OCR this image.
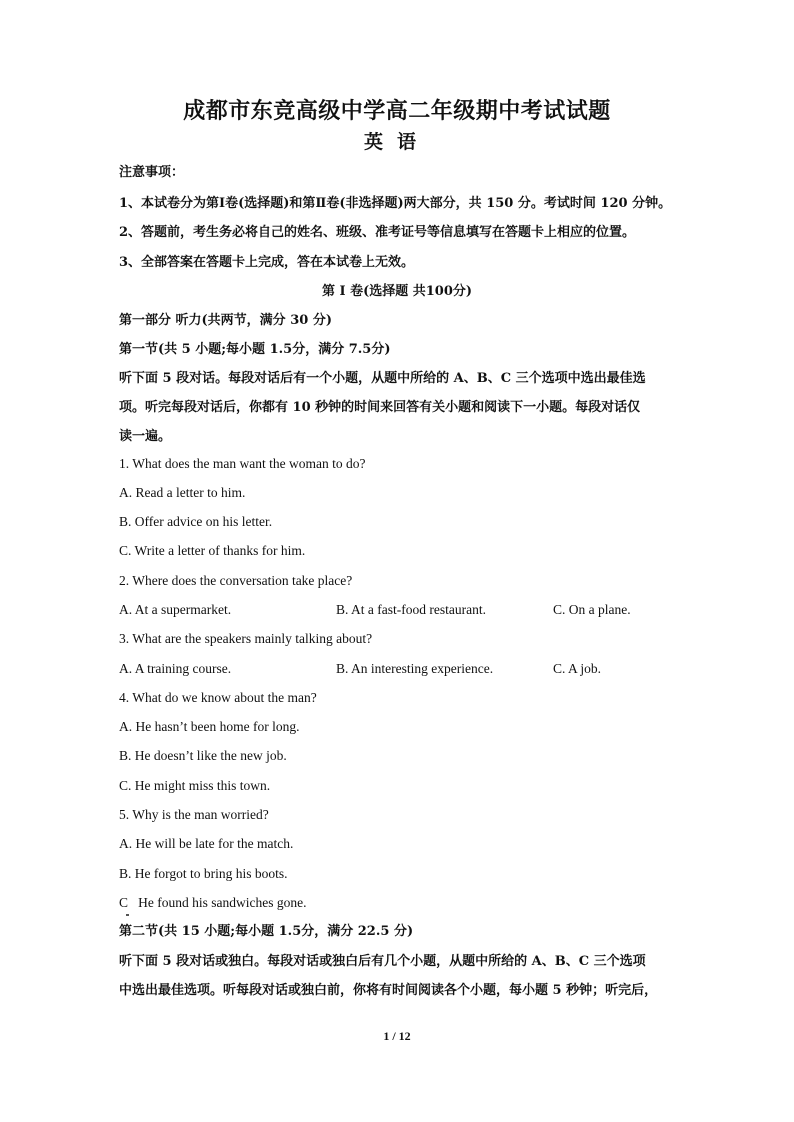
成都市东竞高级中学高二年级期中考试试题
英语
注意事项：
1、本试卷分为第Ⅰ卷(选择题)和第Ⅱ卷(非选择题)两大部分，共 150 分。考试时间 120 分钟。
2、答题前，考生务必将自己的姓名、班级、准考证号等信息填写在答题卡上相应的位置。
3、全部答案在答题卡上完成，答在本试卷上无效。
第 Ⅰ 卷(选择题 共100分)
第一部分 听力(共两节，满分 30 分)
第一节(共 5 小题;每小题 1.5分，满分 7.5分)
听下面 5 段对话。每段对话后有一个小题，从题中所给的 A、B、C 三个选项中选出最佳选
项。听完每段对话后，你都有 10 秒钟的时间来回答有关小题和阅读下一小题。每段对话仅
读一遍。
1. What does the man want the woman to do?
A. Read a letter to him.
B. Offer advice on his letter.
C. Write a letter of thanks for him.
2. Where does the conversation take place?
A. At a supermarket.	B. At a fast-food restaurant.	C. On a plane.
3. What are the speakers mainly talking about?
A. A training course.	B. An interesting experience.	C. A job.
4. What do we know about the man?
A. He hasn’t been home for long.
B. He doesn’t like the new job.
C. He might miss this town.
5. Why is the man worried?
A. He will be late for the match.
B. He forgot to bring his boots.
C   He found his sandwiches gone.
第二节(共 15 小题;每小题 1.5分，满分 22.5 分)
听下面 5 段对话或独白。每段对话或独白后有几个小题，从题中所给的 A、B、C 三个选项
中选出最佳选项。听每段对话或独白前，你将有时间阅读各个小题，每小题 5 秒钟；听完后，
1 / 12
